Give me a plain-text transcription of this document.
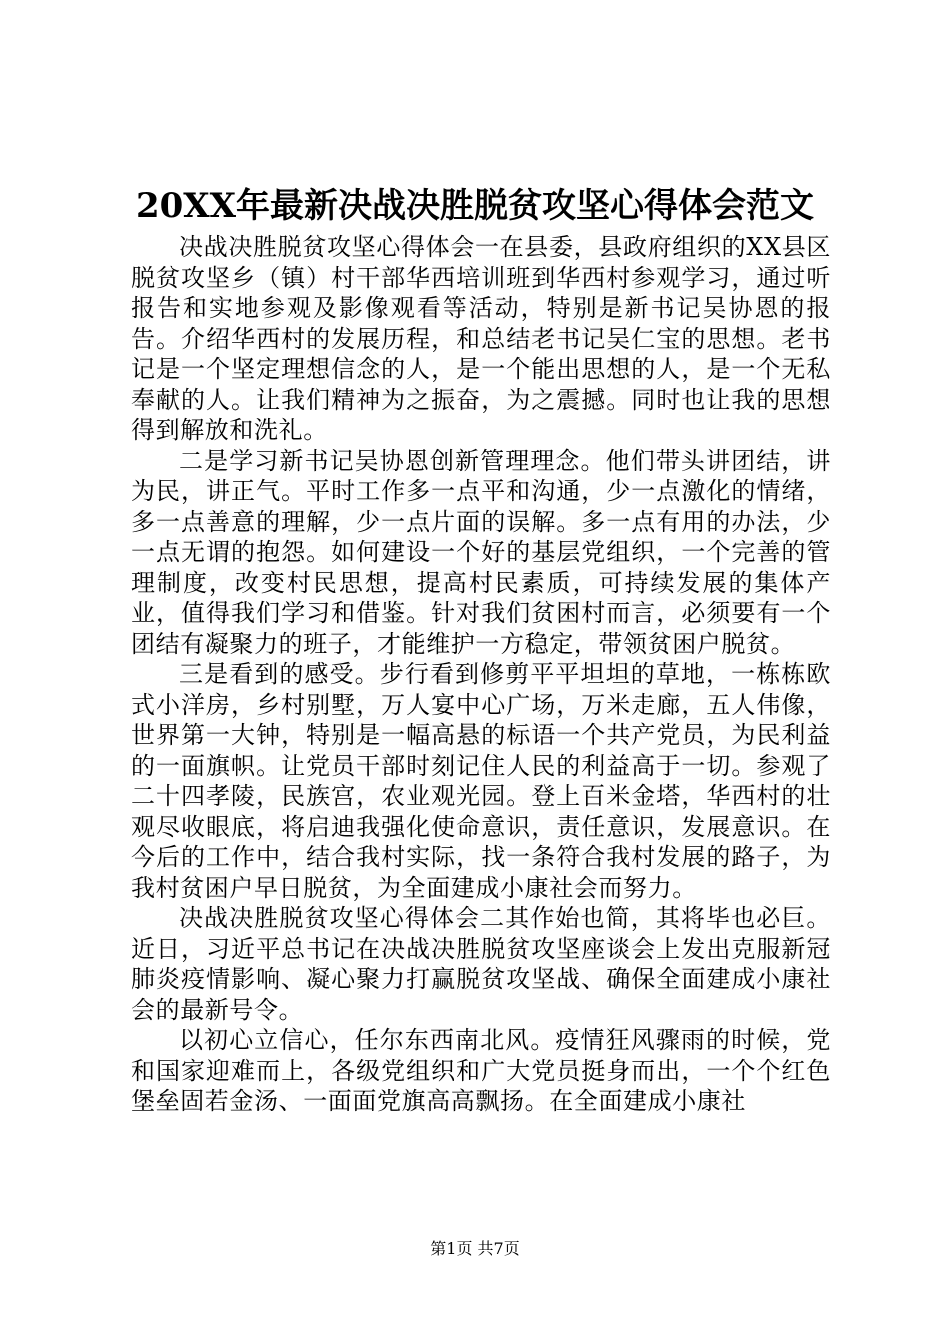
20XX年最新决战决胜脱贫攻坚心得体会范文

决战决胜脱贫攻坚心得体会一在县委，县政府组织的XX县区脱贫攻坚乡（镇）村干部华西培训班到华西村参观学习，通过听报告和实地参观及影像观看等活动，特别是新书记吴协恩的报告。介绍华西村的发展历程，和总结老书记吴仁宝的思想。老书记是一个坚定理想信念的人，是一个能出思想的人，是一个无私奉献的人。让我们精神为之振奋，为之震撼。同时也让我的思想得到解放和洗礼。

二是学习新书记吴协恩创新管理理念。他们带头讲团结，讲为民，讲正气。平时工作多一点平和沟通，少一点激化的情绪，多一点善意的理解，少一点片面的误解。多一点有用的办法，少一点无谓的抱怨。如何建设一个好的基层党组织，一个完善的管理制度，改变村民思想，提高村民素质，可持续发展的集体产业，值得我们学习和借鉴。针对我们贫困村而言，必须要有一个团结有凝聚力的班子，才能维护一方稳定，带领贫困户脱贫。

三是看到的感受。步行看到修剪平平坦坦的草地，一栋栋欧式小洋房，乡村别墅，万人宴中心广场，万米走廊，五人伟像，世界第一大钟，特别是一幅高悬的标语一个共产党员，为民利益的一面旗帜。让党员干部时刻记住人民的利益高于一切。参观了二十四孝陵，民族宫，农业观光园。登上百米金塔，华西村的壮观尽收眼底，将启迪我强化使命意识，责任意识，发展意识。在今后的工作中，结合我村实际，找一条符合我村发展的路子，为我村贫困户早日脱贫，为全面建成小康社会而努力。

决战决胜脱贫攻坚心得体会二其作始也简，其将毕也必巨。近日，习近平总书记在决战决胜脱贫攻坚座谈会上发出克服新冠肺炎疫情影响、凝心聚力打赢脱贫攻坚战、确保全面建成小康社会的最新号令。

以初心立信心，任尔东西南北风。疫情狂风骤雨的时候，党和国家迎难而上，各级党组织和广大党员挺身而出，一个个红色堡垒固若金汤、一面面党旗高高飘扬。在全面建成小康社

第1页 共7页
